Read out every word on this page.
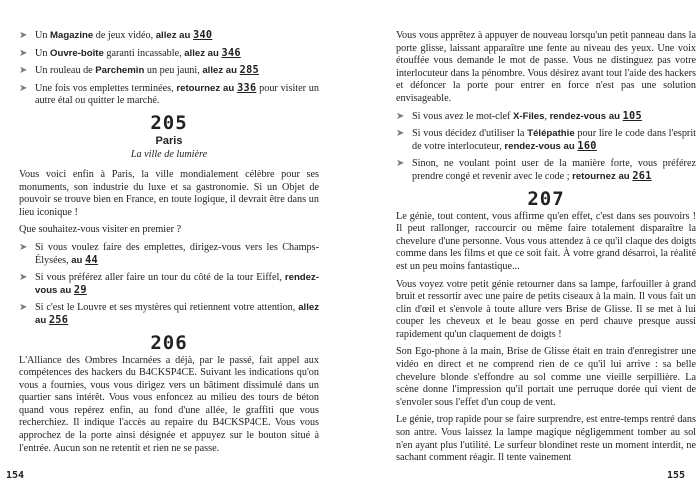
➤ Un Magazine de jeux vidéo, allez au 340
➤ Un Ouvre-boîte garanti incassable, allez au 346
➤ Un rouleau de Parchemin un peu jauni, allez au 285
➤ Une fois vos emplettes terminées, retournez au 336 pour visiter un autre étal ou quitter le marché.
205
Paris
La ville de lumière

Vous voici enfin à Paris, la ville mondialement célèbre pour ses monuments, son industrie du luxe et sa gastronomie. Si un Objet de pouvoir se trouve bien en France, en toute logique, il devrait être dans un lieu iconique !

Que souhaitez-vous visiter en premier ?

➤ Si vous voulez faire des emplettes, dirigez-vous vers les Champs-Élysées, au 44
➤ Si vous préférez aller faire un tour du côté de la tour Eiffel, rendez-vous au 29
➤ Si c'est le Louvre et ses mystères qui retiennent votre attention, allez au 256
206

L'Alliance des Ombres Incarnées a déjà, par le passé, fait appel aux compétences des hackers du B4CKSP4CE. Suivant les indications qu'on vous a fournies, vous vous dirigez vers un bâtiment dissimulé dans un quartier sans intérêt. Vous vous enfoncez au milieu des tours de béton quand vous repérez enfin, au fond d'une allée, le graffiti que vous recherchiez. Il indique l'accès au repaire du B4CKSP4CE. Vous vous approchez de la porte ainsi désignée et appuyez sur le bouton situé à l'entrée. Aucun son ne retentit et rien ne se passe.

Vous vous apprêtez à appuyer de nouveau lorsqu'un petit panneau dans la porte glisse, laissant apparaître une fente au niveau des yeux. Une voix étouffée vous demande le mot de passe. Vous ne distinguez pas votre interlocuteur dans la pénombre. Vous désirez avant tout l'aide des hackers et défoncer la porte pour entrer en force n'est pas une solution envisageable.

➤ Si vous avez le mot-clef X-Files, rendez-vous au 105
➤ Si vous décidez d'utiliser la Télépathie pour lire le code dans l'esprit de votre interlocuteur, rendez-vous au 160
➤ Sinon, ne voulant point user de la manière forte, vous préférez prendre congé et revenir avec le code ; retournez au 261
207

Le génie, tout content, vous affirme qu'en effet, c'est dans ses pouvoirs ! Il peut rallonger, raccourcir ou même faire totalement disparaître la chevelure d'une personne. Vous vous attendez à ce qu'il claque des doigts comme dans les films et que ce soit fait. À votre grand désarroi, la réalité est un peu moins fantastique...

Vous voyez votre petit génie retourner dans sa lampe, farfouiller à grand bruit et ressortir avec une paire de petits ciseaux à la main. Il vous fait un clin d'œil et s'envole à toute allure vers Brise de Glisse. Il se met à lui couper les cheveux et le beau gosse en perd chauve presque aussi rapidement qu'un claquement de doigts !

Son Ego-phone à la main, Brise de Glisse était en train d'enregistrer une vidéo en direct et ne comprend rien de ce qu'il lui arrive : sa belle chevelure blonde s'effondre au sol comme une vieille serpillière. La scène donne l'impression qu'il portait une perruque dorée qui vient de s'envoler sous l'effet d'un coup de vent.

Le génie, trop rapide pour se faire surprendre, est entre-temps rentré dans son antre. Vous laissez la lampe magique négligemment tomber au sol n'en ayant plus l'utilité. Le surfeur blondinet reste un moment interdit, ne sachant comment réagir. Il tente vainement

154	155
